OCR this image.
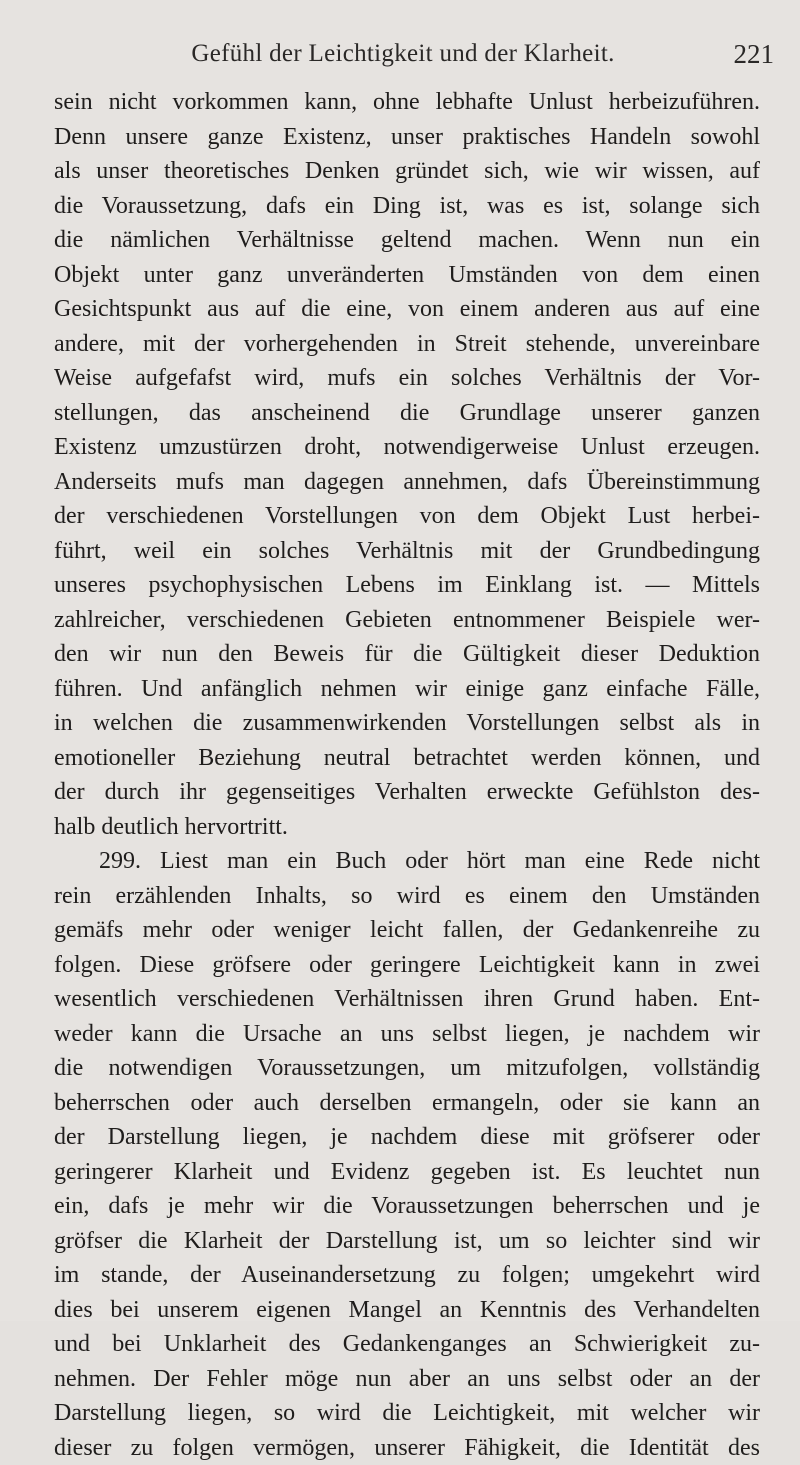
Gefühl der Leichtigkeit und der Klarheit.	221
sein nicht vorkommen kann, ohne lebhafte Unlust herbeizuführen.
Denn unsere ganze Existenz, unser praktisches Handeln sowohl
als unser theoretisches Denken gründet sich, wie wir wissen, auf
die Voraussetzung, dafs ein Ding ist, was es ist, solange sich
die nämlichen Verhältnisse geltend machen. Wenn nun ein
Objekt unter ganz unveränderten Umständen von dem einen
Gesichtspunkt aus auf die eine, von einem anderen aus auf eine
andere, mit der vorhergehenden in Streit stehende, unvereinbare
Weise aufgefafst wird, mufs ein solches Verhältnis der Vor-
stellungen, das anscheinend die Grundlage unserer ganzen
Existenz umzustürzen droht, notwendigerweise Unlust erzeugen.
Anderseits mufs man dagegen annehmen, dafs Übereinstimmung
der verschiedenen Vorstellungen von dem Objekt Lust herbei-
führt, weil ein solches Verhältnis mit der Grundbedingung
unseres psychophysischen Lebens im Einklang ist. — Mittels
zahlreicher, verschiedenen Gebieten entnommener Beispiele wer-
den wir nun den Beweis für die Gültigkeit dieser Deduktion
führen. Und anfänglich nehmen wir einige ganz einfache Fälle,
in welchen die zusammenwirkenden Vorstellungen selbst als in
emotioneller Beziehung neutral betrachtet werden können, und
der durch ihr gegenseitiges Verhalten erweckte Gefühlston des-
halb deutlich hervortritt.
299. Liest man ein Buch oder hört man eine Rede nicht
rein erzählenden Inhalts, so wird es einem den Umständen
gemäfs mehr oder weniger leicht fallen, der Gedankenreihe zu
folgen. Diese gröfsere oder geringere Leichtigkeit kann in zwei
wesentlich verschiedenen Verhältnissen ihren Grund haben. Ent-
weder kann die Ursache an uns selbst liegen, je nachdem wir
die notwendigen Voraussetzungen, um mitzufolgen, vollständig
beherrschen oder auch derselben ermangeln, oder sie kann an
der Darstellung liegen, je nachdem diese mit gröfserer oder
geringerer Klarheit und Evidenz gegeben ist. Es leuchtet nun
ein, dafs je mehr wir die Voraussetzungen beherrschen und je
gröfser die Klarheit der Darstellung ist, um so leichter sind wir
im stande, der Auseinandersetzung zu folgen; umgekehrt wird
dies bei unserem eigenen Mangel an Kenntnis des Verhandelten
und bei Unklarheit des Gedankenganges an Schwierigkeit zu-
nehmen. Der Fehler möge nun aber an uns selbst oder an der
Darstellung liegen, so wird die Leichtigkeit, mit welcher wir
dieser zu folgen vermögen, unserer Fähigkeit, die Identität des
